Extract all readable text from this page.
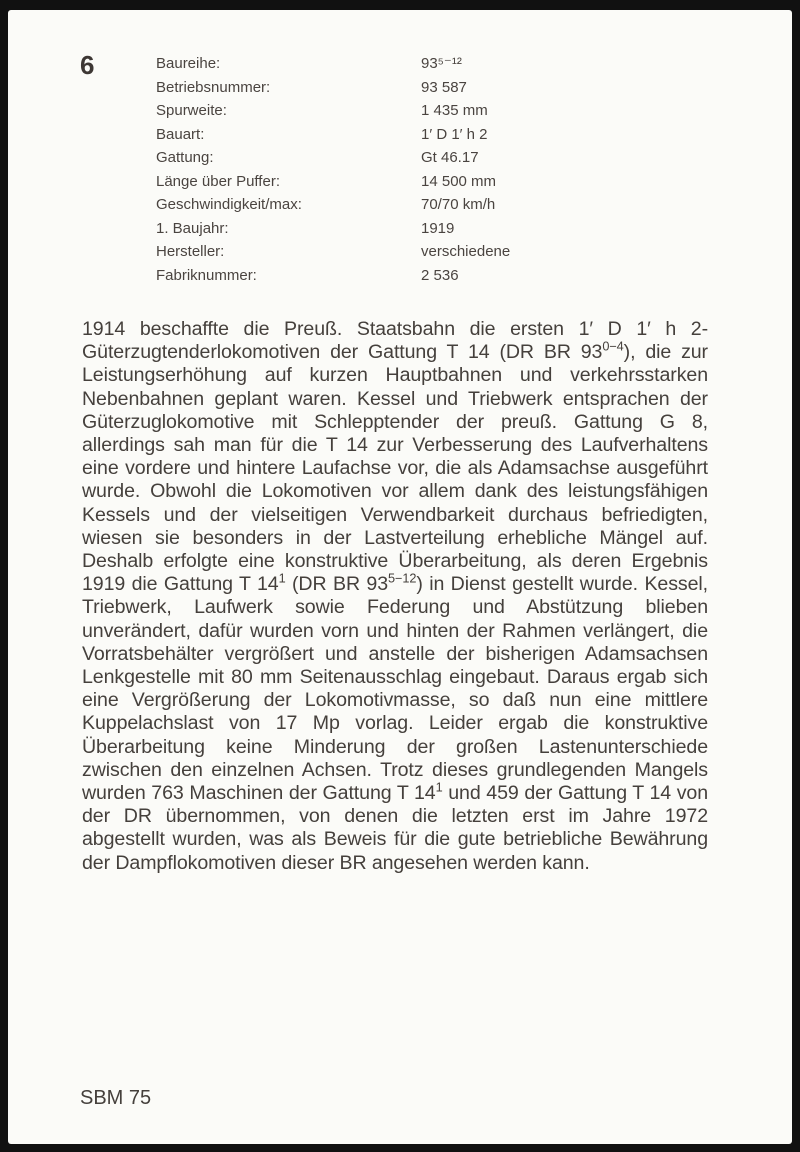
6	Baureihe:	93⁵⁻¹²
Betriebsnummer:	93 587
Spurweite:	1 435 mm
Bauart:	1′ D 1′ h 2
Gattung:	Gt 46.17
Länge über Puffer:	14 500 mm
Geschwindigkeit/max:	70/70 km/h
1. Baujahr:	1919
Hersteller:	verschiedene
Fabriknummer:	2 536
1914 beschaffte die Preuß. Staatsbahn die ersten 1′ D 1′ h 2-Güterzugtenderlokomotiven der Gattung T 14 (DR BR $93^{0-4}$), die zur Leistungserhöhung auf kurzen Hauptbahnen und verkehrsstarken Nebenbahnen geplant waren. Kessel und Triebwerk entsprachen der Güterzuglokomotive mit Schlepptender der preuß. Gattung G 8, allerdings sah man für die T 14 zur Verbesserung des Laufverhaltens eine vordere und hintere Laufachse vor, die als Adamsachse ausgeführt wurde. Obwohl die Lokomotiven vor allem dank des leistungsfähigen Kessels und der vielseitigen Verwendbarkeit durchaus befriedigten, wiesen sie besonders in der Lastverteilung erhebliche Mängel auf. Deshalb erfolgte eine konstruktive Überarbeitung, als deren Ergebnis 1919 die Gattung T $14^1$ (DR BR $93^{5-12}$) in Dienst gestellt wurde. Kessel, Triebwerk, Laufwerk sowie Federung und Abstützung blieben unverändert, dafür wurden vorn und hinten der Rahmen verlängert, die Vorratsbehälter vergrößert und anstelle der bisherigen Adamsachsen Lenkgestelle mit 80 mm Seitenausschlag eingebaut. Daraus ergab sich eine Vergrößerung der Lokomotivmasse, so daß nun eine mittlere Kuppelachslast von 17 Mp vorlag. Leider ergab die konstruktive Überarbeitung keine Minderung der großen Lastenunterschiede zwischen den einzelnen Achsen. Trotz dieses grundlegenden Mangels wurden 763 Maschinen der Gattung T $14^1$ und 459 der Gattung T 14 von der DR übernommen, von denen die letzten erst im Jahre 1972 abgestellt wurden, was als Beweis für die gute betriebliche Bewährung der Dampflokomotiven dieser BR angesehen werden kann.
SBM 75
